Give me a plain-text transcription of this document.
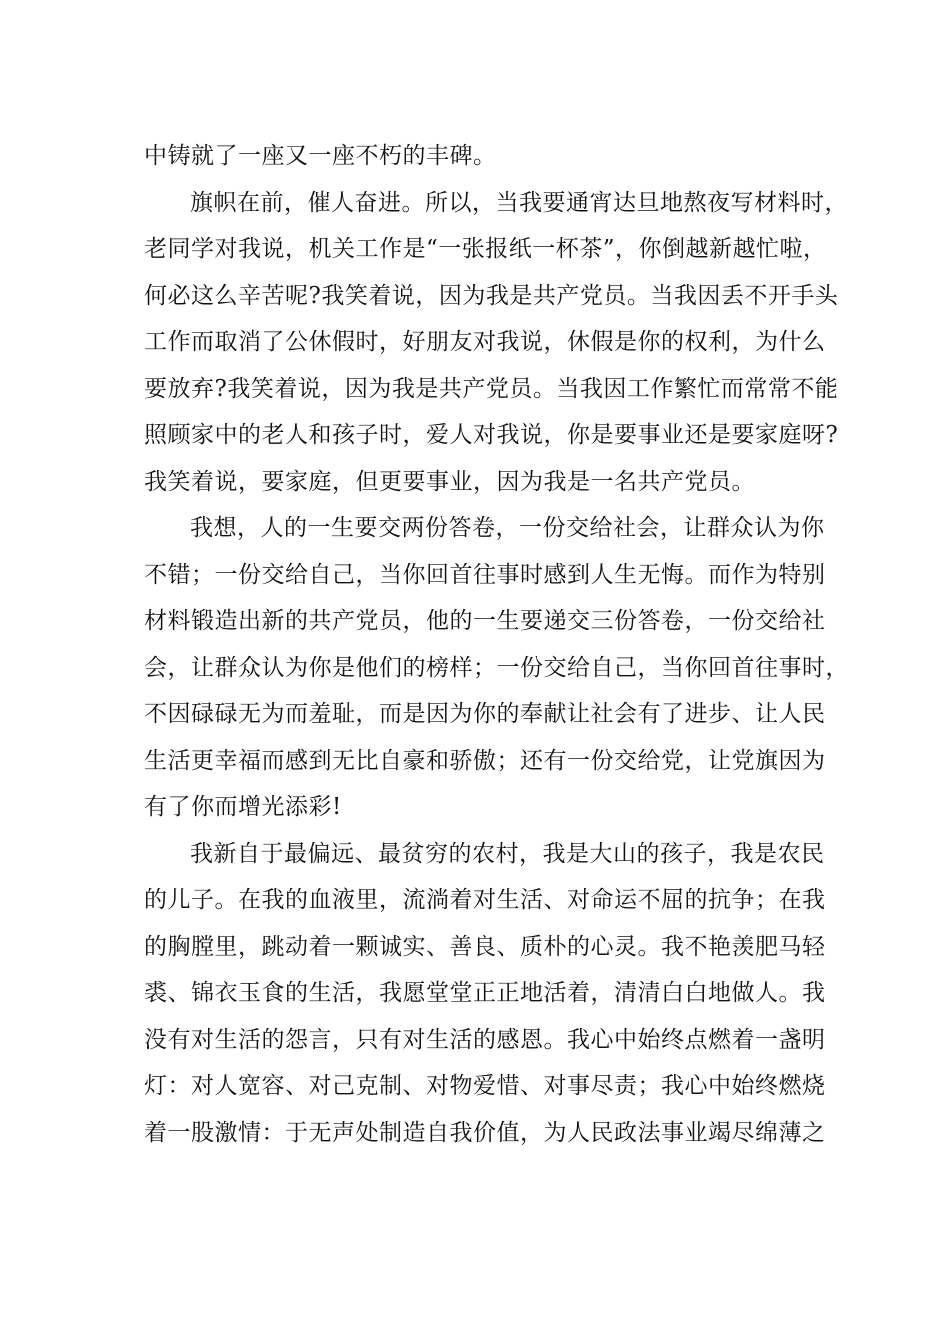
中铸就了一座又一座不朽的丰碑。
旗帜在前，催人奋进。所以，当我要通宵达旦地熬夜写材料时，
老同学对我说，机关工作是“一张报纸一杯茶”，你倒越新越忙啦，
何必这么辛苦呢?我笑着说，因为我是共产党员。当我因丢不开手头
工作而取消了公休假时，好朋友对我说，休假是你的权利，为什么
要放弃?我笑着说，因为我是共产党员。当我因工作繁忙而常常不能
照顾家中的老人和孩子时，爱人对我说，你是要事业还是要家庭呀?
我笑着说，要家庭，但更要事业，因为我是一名共产党员。
我想，人的一生要交两份答卷，一份交给社会，让群众认为你
不错；一份交给自己，当你回首往事时感到人生无悔。而作为特别
材料锻造出新的共产党员，他的一生要递交三份答卷，一份交给社
会，让群众认为你是他们的榜样；一份交给自己，当你回首往事时，
不因碌碌无为而羞耻，而是因为你的奉献让社会有了进步、让人民
生活更幸福而感到无比自豪和骄傲；还有一份交给党，让党旗因为
有了你而增光添彩!
我新自于最偏远、最贫穷的农村，我是大山的孩子，我是农民
的儿子。在我的血液里，流淌着对生活、对命运不屈的抗争；在我
的胸膛里，跳动着一颗诚实、善良、质朴的心灵。我不艳羡肥马轻
裘、锦衣玉食的生活，我愿堂堂正正地活着，清清白白地做人。我
没有对生活的怨言，只有对生活的感恩。我心中始终点燃着一盏明
灯：对人宽容、对己克制、对物爱惜、对事尽责；我心中始终燃烧
着一股激情：于无声处制造自我价值，为人民政法事业竭尽绵薄之
